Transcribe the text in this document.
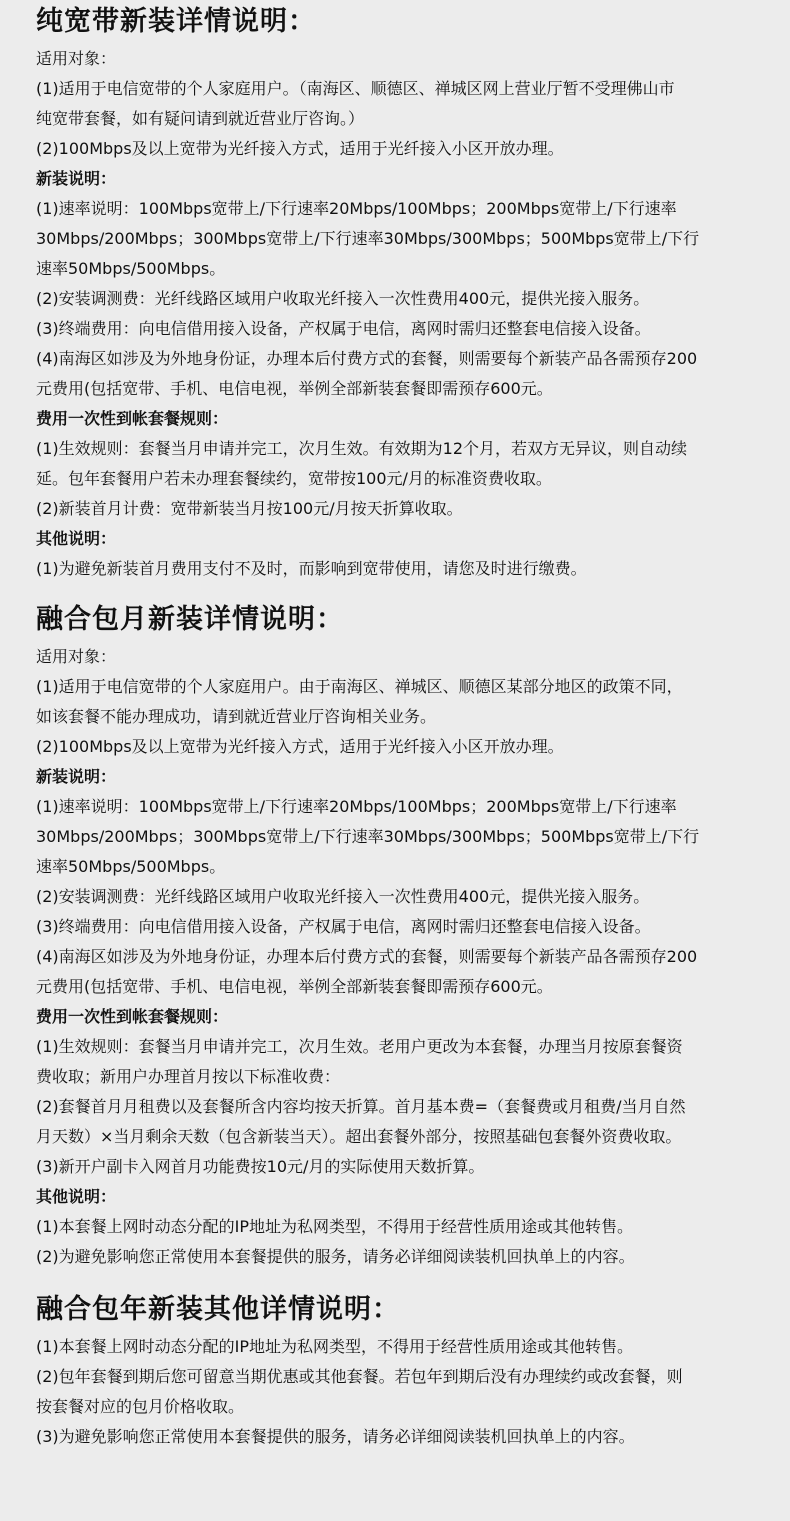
纯宽带新装详情说明：
适用对象：
(1)适用于电信宽带的个人家庭用户。（南海区、顺德区、禅城区网上营业厅暂不受理佛山市
纯宽带套餐，如有疑问请到就近营业厅咨询。）
(2)100Mbps及以上宽带为光纤接入方式，适用于光纤接入小区开放办理。
新装说明：
(1)速率说明：100Mbps宽带上/下行速率20Mbps/100Mbps；200Mbps宽带上/下行速率
30Mbps/200Mbps；300Mbps宽带上/下行速率30Mbps/300Mbps；500Mbps宽带上/下行
速率50Mbps/500Mbps。
(2)安装调测费：光纤线路区域用户收取光纤接入一次性费用400元，提供光接入服务。
(3)终端费用：向电信借用接入设备，产权属于电信，离网时需归还整套电信接入设备。
(4)南海区如涉及为外地身份证，办理本后付费方式的套餐，则需要每个新装产品各需预存200
元费用(包括宽带、手机、电信电视，举例全部新装套餐即需预存600元。
费用一次性到帐套餐规则：
(1)生效规则：套餐当月申请并完工，次月生效。有效期为12个月，若双方无异议，则自动续
延。包年套餐用户若未办理套餐续约，宽带按100元/月的标准资费收取。
(2)新装首月计费：宽带新装当月按100元/月按天折算收取。
其他说明：
(1)为避免新装首月费用支付不及时，而影响到宽带使用，请您及时进行缴费。
融合包月新装详情说明：
适用对象：
(1)适用于电信宽带的个人家庭用户。由于南海区、禅城区、顺德区某部分地区的政策不同，
如该套餐不能办理成功，请到就近营业厅咨询相关业务。
(2)100Mbps及以上宽带为光纤接入方式，适用于光纤接入小区开放办理。
新装说明：
(1)速率说明：100Mbps宽带上/下行速率20Mbps/100Mbps；200Mbps宽带上/下行速率
30Mbps/200Mbps；300Mbps宽带上/下行速率30Mbps/300Mbps；500Mbps宽带上/下行
速率50Mbps/500Mbps。
(2)安装调测费：光纤线路区域用户收取光纤接入一次性费用400元，提供光接入服务。
(3)终端费用：向电信借用接入设备，产权属于电信，离网时需归还整套电信接入设备。
(4)南海区如涉及为外地身份证，办理本后付费方式的套餐，则需要每个新装产品各需预存200
元费用(包括宽带、手机、电信电视，举例全部新装套餐即需预存600元。
费用一次性到帐套餐规则：
(1)生效规则：套餐当月申请并完工，次月生效。老用户更改为本套餐，办理当月按原套餐资
费收取；新用户办理首月按以下标准收费：
(2)套餐首月月租费以及套餐所含内容均按天折算。首月基本费=（套餐费或月租费/当月自然
月天数）×当月剩余天数（包含新装当天）。超出套餐外部分，按照基础包套餐外资费收取。
(3)新开户副卡入网首月功能费按10元/月的实际使用天数折算。
其他说明：
(1)本套餐上网时动态分配的IP地址为私网类型，不得用于经营性质用途或其他转售。
(2)为避免影响您正常使用本套餐提供的服务，请务必详细阅读装机回执单上的内容。
融合包年新装其他详情说明：
(1)本套餐上网时动态分配的IP地址为私网类型，不得用于经营性质用途或其他转售。
(2)包年套餐到期后您可留意当期优惠或其他套餐。若包年到期后没有办理续约或改套餐，则
按套餐对应的包月价格收取。
(3)为避免影响您正常使用本套餐提供的服务，请务必详细阅读装机回执单上的内容。
